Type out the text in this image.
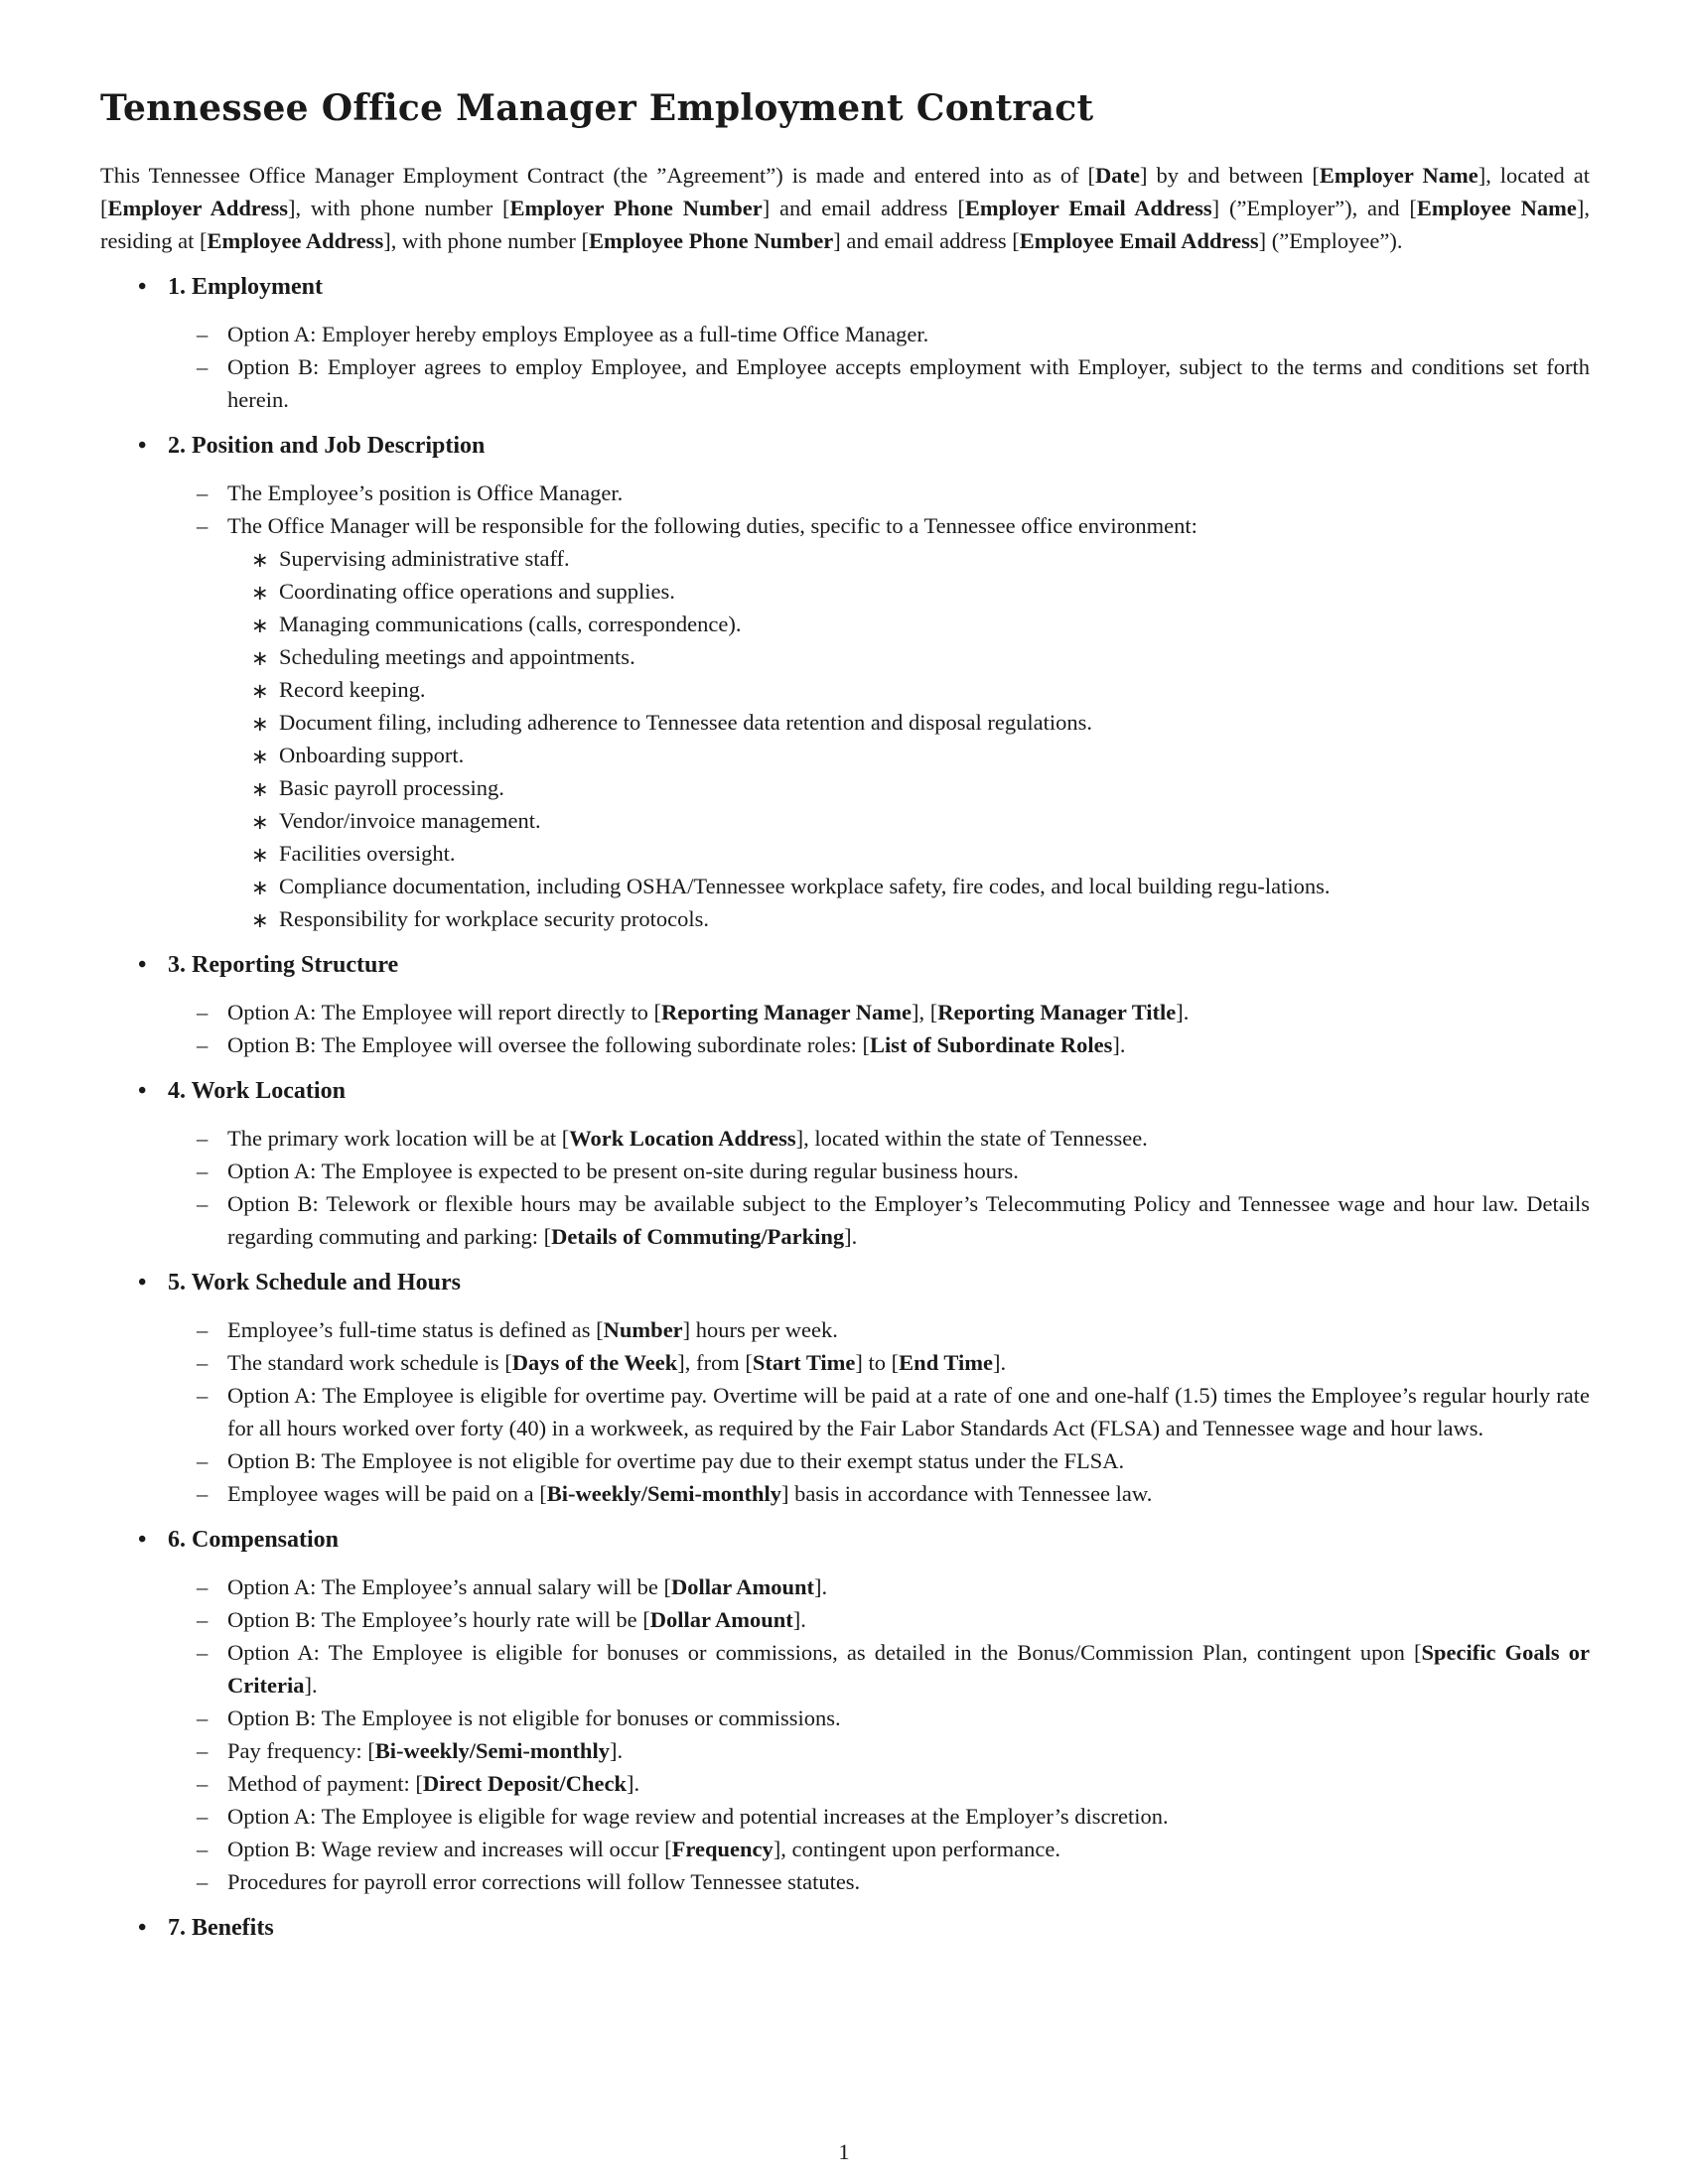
Tennessee Office Manager Employment Contract

This Tennessee Office Manager Employment Contract (the ”Agreement”) is made and entered into as of [Date] by and between [Employer Name], located at [Employer Address], with phone number [Employer Phone Number] and email address [Employer Email Address] (”Employer”), and [Employee Name], residing at [Employee Address], with phone number [Employee Phone Number] and email address [Employee Email Address] (”Employee”).

• 1. Employment
– Option A: Employer hereby employs Employee as a full-time Office Manager.
– Option B: Employer agrees to employ Employee, and Employee accepts employment with Employer, subject to the terms and conditions set forth herein.
• 2. Position and Job Description
– The Employee’s position is Office Manager.
– The Office Manager will be responsible for the following duties, specific to a Tennessee office environment:
∗ Supervising administrative staff.
∗ Coordinating office operations and supplies.
∗ Managing communications (calls, correspondence).
∗ Scheduling meetings and appointments.
∗ Record keeping.
∗ Document filing, including adherence to Tennessee data retention and disposal regulations.
∗ Onboarding support.
∗ Basic payroll processing.
∗ Vendor/invoice management.
∗ Facilities oversight.
∗ Compliance documentation, including OSHA/Tennessee workplace safety, fire codes, and local building regu-lations.
∗ Responsibility for workplace security protocols.
• 3. Reporting Structure
– Option A: The Employee will report directly to [Reporting Manager Name], [Reporting Manager Title].
– Option B: The Employee will oversee the following subordinate roles: [List of Subordinate Roles].
• 4. Work Location
– The primary work location will be at [Work Location Address], located within the state of Tennessee.
– Option A: The Employee is expected to be present on-site during regular business hours.
– Option B: Telework or flexible hours may be available subject to the Employer’s Telecommuting Policy and Tennessee wage and hour law. Details regarding commuting and parking: [Details of Commuting/Parking].
• 5. Work Schedule and Hours
– Employee’s full-time status is defined as [Number] hours per week.
– The standard work schedule is [Days of the Week], from [Start Time] to [End Time].
– Option A: The Employee is eligible for overtime pay. Overtime will be paid at a rate of one and one-half (1.5) times the Employee’s regular hourly rate for all hours worked over forty (40) in a workweek, as required by the Fair Labor Standards Act (FLSA) and Tennessee wage and hour laws.
– Option B: The Employee is not eligible for overtime pay due to their exempt status under the FLSA.
– Employee wages will be paid on a [Bi-weekly/Semi-monthly] basis in accordance with Tennessee law.
• 6. Compensation
– Option A: The Employee’s annual salary will be [Dollar Amount].
– Option B: The Employee’s hourly rate will be [Dollar Amount].
– Option A: The Employee is eligible for bonuses or commissions, as detailed in the Bonus/Commission Plan, contingent upon [Specific Goals or Criteria].
– Option B: The Employee is not eligible for bonuses or commissions.
– Pay frequency: [Bi-weekly/Semi-monthly].
– Method of payment: [Direct Deposit/Check].
– Option A: The Employee is eligible for wage review and potential increases at the Employer’s discretion.
– Option B: Wage review and increases will occur [Frequency], contingent upon performance.
– Procedures for payroll error corrections will follow Tennessee statutes.
• 7. Benefits
1
